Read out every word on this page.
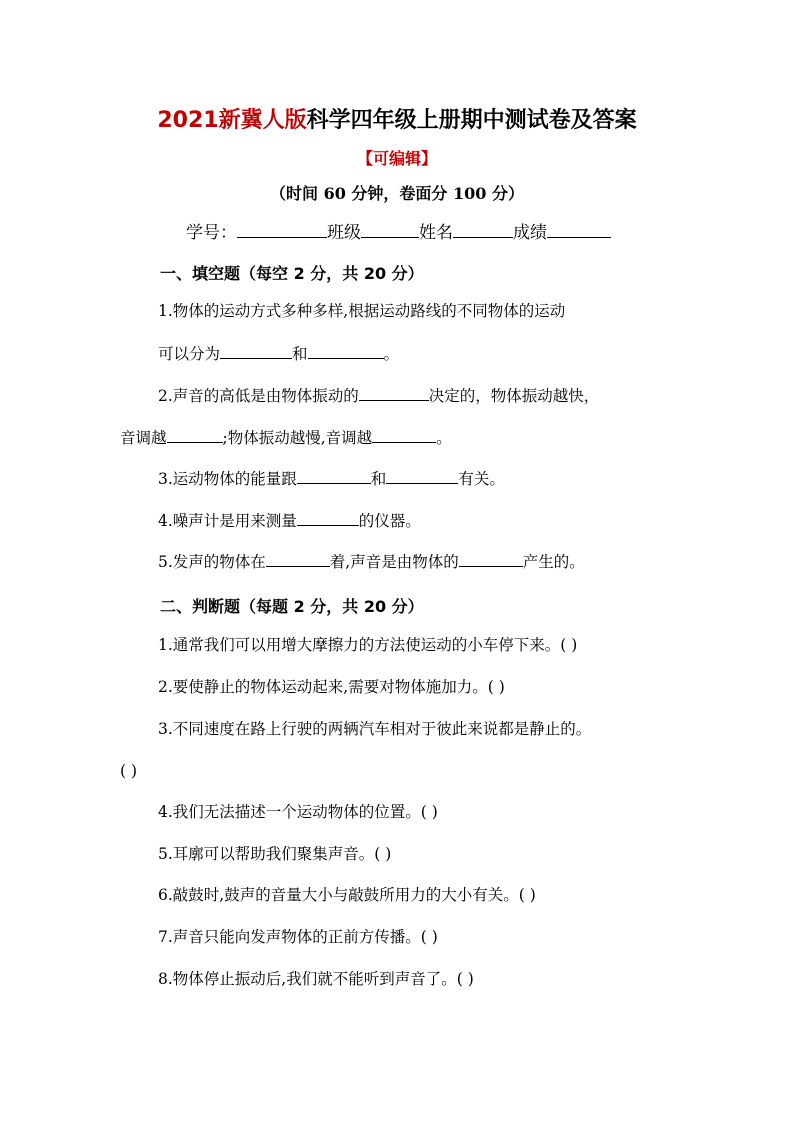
2021新冀人版科学四年级上册期中测试卷及答案
【可编辑】
（时间 60 分钟，卷面分 100 分）
学号：	班级	姓名	成绩
一、填空题（每空 2 分，共 20 分）
1.物体的运动方式多种多样,根据运动路线的不同物体的运动
可以分为	和	。
2.声音的高低是由物体振动的	决定的，物体振动越快，
音调越	;物体振动越慢,音调越	。
3.运动物体的能量跟	和	有关。
4.噪声计是用来测量	的仪器。
5.发声的物体在	着,声音是由物体的	产生的。
二、判断题（每题 2 分，共 20 分）
1.通常我们可以用增大摩擦力的方法使运动的小车停下来。( )
2.要使静止的物体运动起来,需要对物体施加力。( )
3.不同速度在路上行驶的两辆汽车相对于彼此来说都是静止的。
( )
4.我们无法描述一个运动物体的位置。( )
5.耳廓可以帮助我们聚集声音。( )
6.敲鼓时,鼓声的音量大小与敲鼓所用力的大小有关。( )
7.声音只能向发声物体的正前方传播。( )
8.物体停止振动后,我们就不能听到声音了。( )
